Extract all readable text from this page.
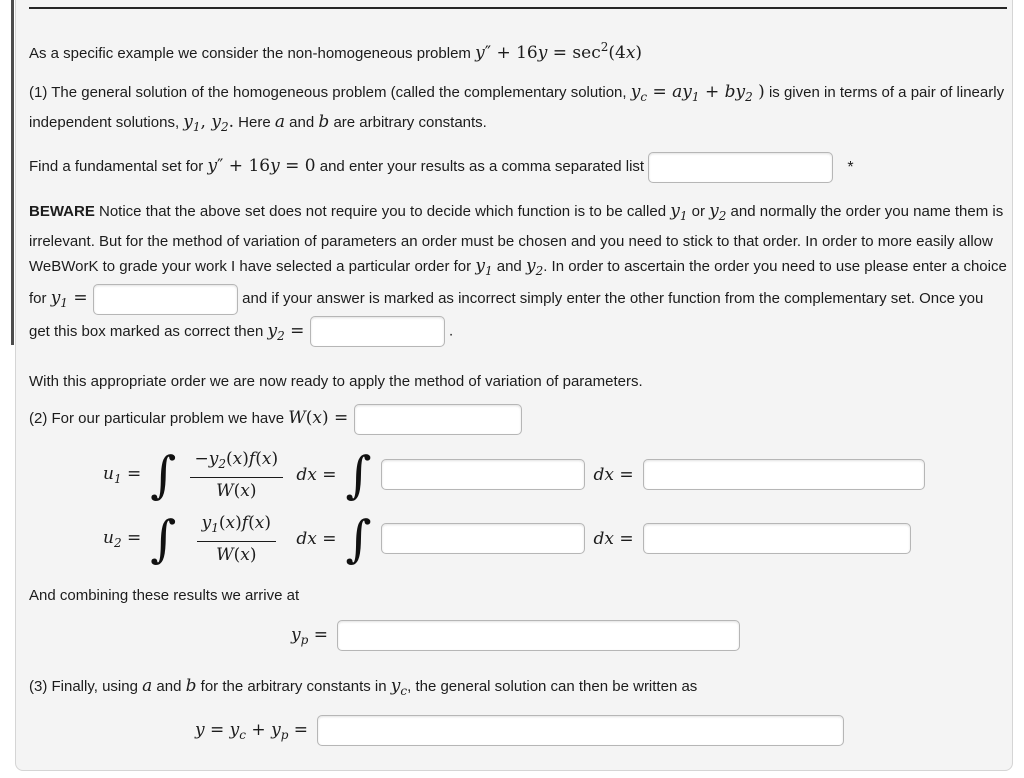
As a specific example we consider the non-homogeneous problem $y'' + 16y = \sec^2(4x)$

(1) The general solution of the homogeneous problem (called the complementary solution, $y_c = ay_1 + by_2$ ) is given in terms of a pair of linearly independent solutions, $y_1$, $y_2$. Here a and b are arbitrary constants.

Find a fundamental set for y″ + 16y = 0 and enter your results as a comma separated list	*

BEWARE Notice that the above set does not require you to decide which function is to be called $y_1$ or $y_2$ and normally the order you name them is irrelevant. But for the method of variation of parameters an order must be chosen and you need to stick to that order. In order to more easily allow WeBWorK to grade your work I have selected a particular order for $y_1$ and $y_2$. In order to ascertain the order you need to use please enter a choice for $y_1$ =	and if your answer is marked as incorrect simply enter the other function from the complementary set. Once you get this box marked as correct then $y_2$ =	.

With this appropriate order we are now ready to apply the method of variation of parameters.

(2) For our particular problem we have W(x) =
$u_1$ = ∫ $\frac{-y_2(x)f(x)}{W(x)}$ dx = ∫	dx =
$u_2$ = ∫ $\frac{y_1(x)f(x)}{W(x)}$ dx = ∫	dx =

And combining these results we arrive at

$y_p$ =

(3) Finally, using a and b for the arbitrary constants in $y_c$, the general solution can then be written as

$y = y_c + y_p$ =
